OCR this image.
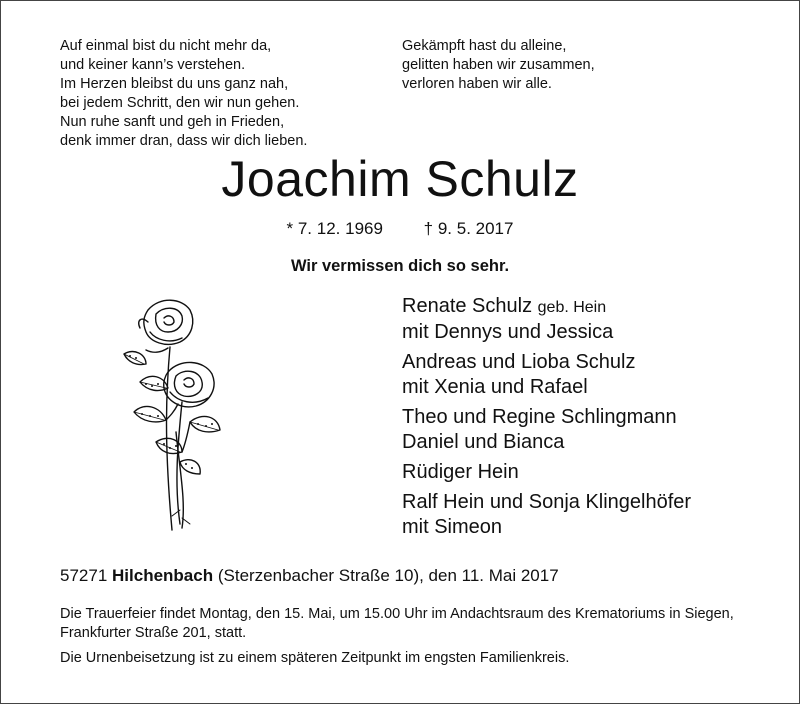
Auf einmal bist du nicht mehr da,
und keiner kann’s verstehen.
Im Herzen bleibst du uns ganz nah,
bei jedem Schritt, den wir nun gehen.
Nun ruhe sanft und geh in Frieden,
denk immer dran, dass wir dich lieben.
Gekämpft hast du alleine,
gelitten haben wir zusammen,
verloren haben wir alle.
Joachim Schulz
* 7. 12. 1969 † 9. 5. 2017
Wir vermissen dich so sehr.
Renate Schulz geb. Hein
mit Dennys und Jessica
Andreas und Lioba Schulz
mit Xenia und Rafael
Theo und Regine Schlingmann
Daniel und Bianca
Rüdiger Hein
Ralf Hein und Sonja Klingelhöfer
mit Simeon
57271 Hilchenbach (Sterzenbacher Straße 10), den 11. Mai 2017

Die Trauerfeier findet Montag, den 15. Mai, um 15.00 Uhr im Andachtsraum des Krematoriums in Siegen, Frankfurter Straße 201, statt.

Die Urnenbeisetzung ist zu einem späteren Zeitpunkt im engsten Familienkreis.
